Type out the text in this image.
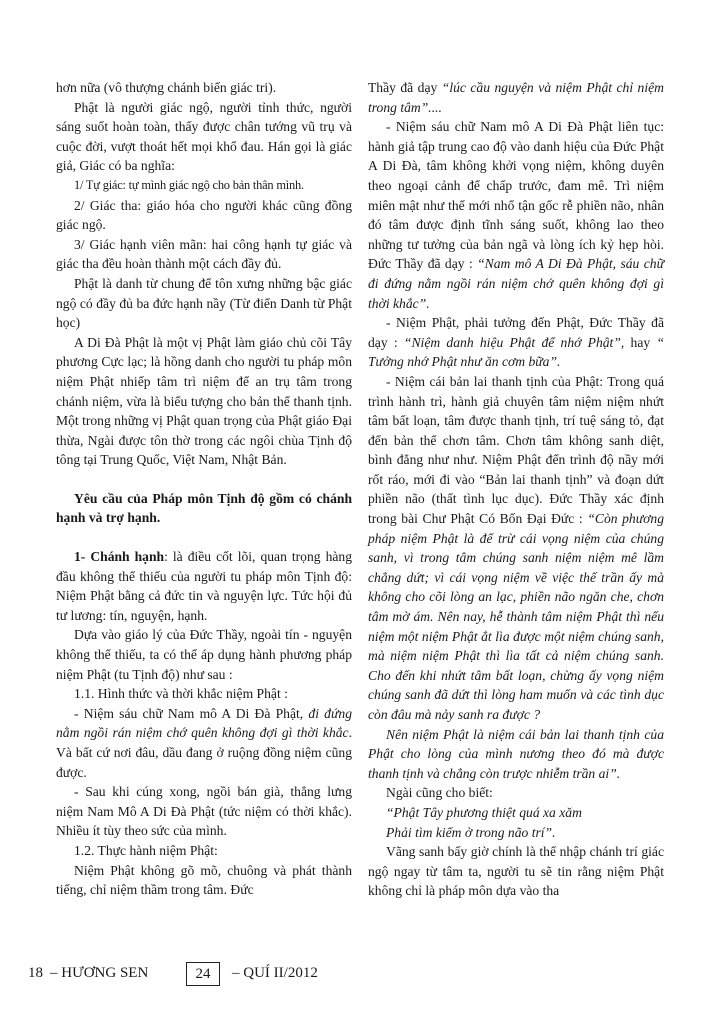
hơn nữa (vô thượng chánh biến giác tri).

Phật là người giác ngộ, người tỉnh thức, người sáng suốt hoàn toàn, thấy được chân tướng vũ trụ và cuộc đời, vượt thoát hết mọi khổ đau. Hán gọi là giác giả, Giác có ba nghĩa:

1/ Tự giác: tự mình giác ngộ cho bản thân mình.

2/ Giác tha: giáo hóa cho người khác cũng đồng giác ngộ.

3/ Giác hạnh viên mãn: hai công hạnh tự giác và giác tha đều hoàn thành một cách đầy đủ.

Phật là danh từ chung để tôn xưng những bậc giác ngộ có đầy đủ ba đức hạnh nầy (Từ điển Danh từ Phật học)

A Di Đà Phật là một vị Phật làm giáo chủ cõi Tây phương Cực lạc; là hồng danh cho người tu pháp môn niệm Phật nhiếp tâm trì niệm để an trụ tâm trong chánh niệm, vừa là biểu tượng cho bản thể thanh tịnh. Một trong những vị Phật quan trọng của Phật giáo Đại thừa, Ngài được tôn thờ trong các ngôi chùa Tịnh độ tông tại Trung Quốc, Việt Nam, Nhật Bản.

Yêu cầu của Pháp môn Tịnh độ gồm có chánh hạnh và trợ hạnh.

1- Chánh hạnh: là điều cốt lõi, quan trọng hàng đầu không thể thiếu của người tu pháp môn Tịnh độ: Niệm Phật bằng cả đức tin và nguyện lực. Tức hội đủ tư lương: tín, nguyện, hạnh.

Dựa vào giáo lý của Đức Thầy, ngoài tín - nguyện không thể thiếu, ta có thể áp dụng hành phương pháp niệm Phật (tu Tịnh độ) như sau :

1.1. Hình thức và thời khắc niệm Phật :

- Niệm sáu chữ Nam mô A Di Đà Phật, đi đứng nằm ngồi rán niệm chớ quên không đợi gì thời khắc. Và bất cứ nơi đâu, dầu đang ở ruộng đồng niệm cũng được.

- Sau khi cúng xong, ngồi bán già, thẳng lưng niệm Nam Mô A Di Đà Phật (tức niệm có thời khắc). Nhiều ít tùy theo sức của mình.

1.2. Thực hành niệm Phật:

Niệm Phật không gõ mõ, chuông và phát thành tiếng, chỉ niệm thầm trong tâm. Đức

Thầy đã dạy “lúc cầu nguyện và niệm Phật chỉ niệm trong tâm”....

- Niệm sáu chữ Nam mô A Di Đà Phật liên tục: hành giả tập trung cao độ vào danh hiệu của Đức Phật A Di Đà, tâm không khởi vọng niệm, không duyên theo ngoại cảnh để chấp trước, đam mê. Trì niệm miên mật như thế mới nhổ tận gốc rễ phiền não, nhân đó tâm được định tĩnh sáng suốt, không lao theo những tư tưởng của bản ngã và lòng ích kỷ hẹp hòi. Đức Thầy đã dạy : “Nam mô A Di Đà Phật, sáu chữ đi đứng nằm ngồi rán niệm chớ quên không đợi gì thời khắc”.

- Niệm Phật, phải tưởng đến Phật, Đức Thầy đã dạy : “Niệm danh hiệu Phật để nhớ Phật”, hay “ Tưởng nhớ Phật như ăn cơm bữa”.

- Niệm cái bản lai thanh tịnh của Phật: Trong quá trình hành trì, hành giả chuyên tâm niệm niệm nhứt tâm bất loạn, tâm được thanh tịnh, trí tuệ sáng tỏ, đạt đến bản thể chơn tâm. Chơn tâm không sanh diệt, bình đẳng như như. Niệm Phật đến trình độ nầy mới rốt ráo, mới đi vào “Bản lai thanh tịnh” và đoạn dứt phiền não (thất tình lục dục). Đức Thầy xác định trong bài Chư Phật Có Bốn Đại Đức : “Còn phương pháp niệm Phật là để trừ cái vọng niệm của chúng sanh, vì trong tâm chúng sanh niệm niệm mê lầm chẳng dứt; vì cái vọng niệm về việc thế trần ấy mà không cho cõi lòng an lạc, phiền não ngăn che, chơn tâm mờ ám. Nên nay, hễ thành tâm niệm Phật thì nếu niệm một niệm Phật ắt lìa được một niệm chúng sanh, mà niệm niệm Phật thì lìa tất cả niệm chúng sanh. Cho đến khi nhứt tâm bất loạn, chừng ấy vọng niệm chúng sanh đã dứt thì lòng ham muốn và các tình dục còn đâu mà nảy sanh ra được ?

Nên niệm Phật là niệm cái bản lai thanh tịnh của Phật cho lòng của mình nương theo đó mà được thanh tịnh và chẳng còn trược nhiễm trần ai”.

Ngài cũng cho biết:

“Phật Tây phương thiệt quá xa xăm

Phải tìm kiếm ở trong não trí”.

Vãng sanh bấy giờ chính là thể nhập chánh trí giác ngộ ngay từ tâm ta, người tu sẽ tin rằng niệm Phật không chỉ là pháp môn dựa vào tha

18 – HƯƠNG SEN	24	– QUÍ II/2012
